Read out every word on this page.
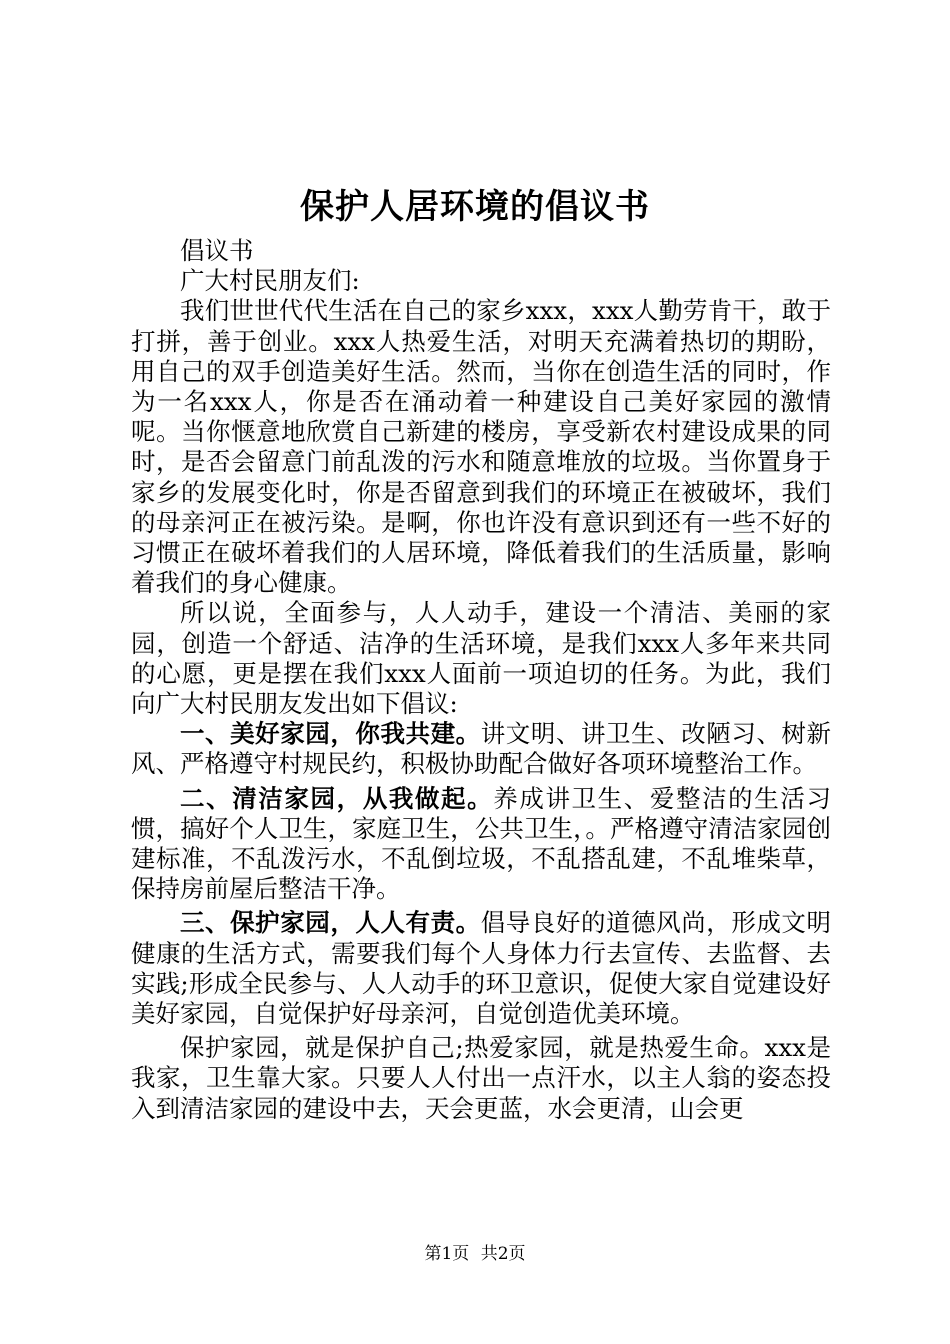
保护人居环境的倡议书

倡议书

广大村民朋友们:

我们世世代代生活在自己的家乡xxx，xxx人勤劳肯干，敢于打拼，善于创业。xxx人热爱生活，对明天充满着热切的期盼，用自己的双手创造美好生活。然而，当你在创造生活的同时，作为一名xxx人，你是否在涌动着一种建设自己美好家园的激情呢。当你惬意地欣赏自己新建的楼房，享受新农村建设成果的同时，是否会留意门前乱泼的污水和随意堆放的垃圾。当你置身于家乡的发展变化时，你是否留意到我们的环境正在被破坏，我们的母亲河正在被污染。是啊，你也许没有意识到还有一些不好的习惯正在破坏着我们的人居环境，降低着我们的生活质量，影响着我们的身心健康。

所以说，全面参与，人人动手，建设一个清洁、美丽的家园，创造一个舒适、洁净的生活环境，是我们xxx人多年来共同的心愿，更是摆在我们xxx人面前一项迫切的任务。为此，我们向广大村民朋友发出如下倡议:

一、美好家园，你我共建。讲文明、讲卫生、改陋习、树新风、严格遵守村规民约，积极协助配合做好各项环境整治工作。

二、清洁家园，从我做起。养成讲卫生、爱整洁的生活习惯，搞好个人卫生，家庭卫生，公共卫生，。严格遵守清洁家园创建标准，不乱泼污水，不乱倒垃圾，不乱搭乱建，不乱堆柴草，保持房前屋后整洁干净。

三、保护家园，人人有责。倡导良好的道德风尚，形成文明健康的生活方式，需要我们每个人身体力行去宣传、去监督、去实践;形成全民参与、人人动手的环卫意识，促使大家自觉建设好美好家园，自觉保护好母亲河，自觉创造优美环境。

保护家园，就是保护自己;热爱家园，就是热爱生命。xxx是我家，卫生靠大家。只要人人付出一点汗水，以主人翁的姿态投入到清洁家园的建设中去，天会更蓝，水会更清，山会更

第1页 共2页
